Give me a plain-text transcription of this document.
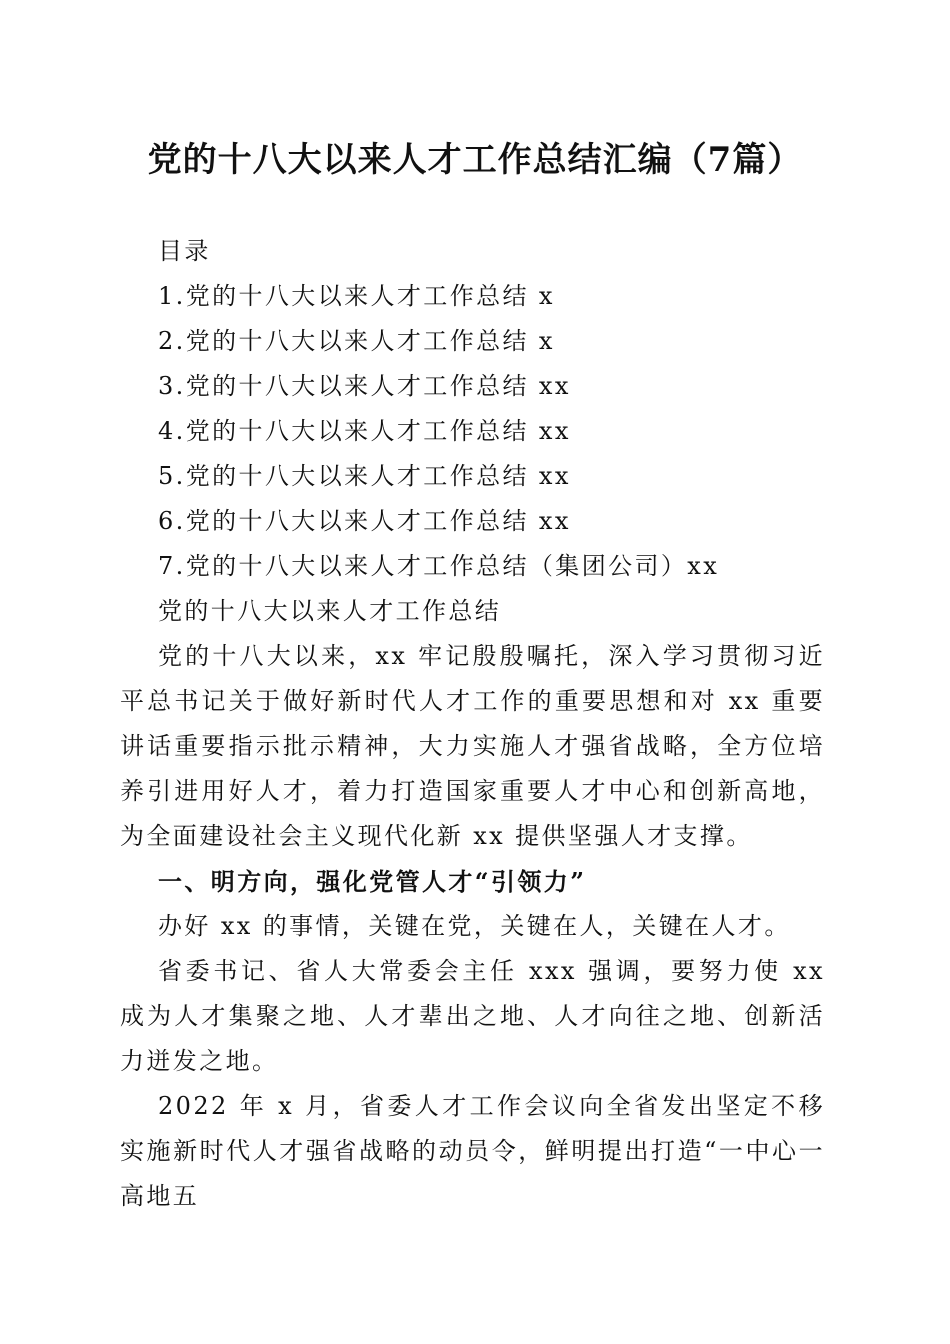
党的十八大以来人才工作总结汇编（7篇）

目录

1.党的十八大以来人才工作总结 x

2.党的十八大以来人才工作总结 x

3.党的十八大以来人才工作总结 xx

4.党的十八大以来人才工作总结 xx

5.党的十八大以来人才工作总结 xx

6.党的十八大以来人才工作总结 xx

7.党的十八大以来人才工作总结（集团公司）xx

党的十八大以来人才工作总结

党的十八大以来，xx 牢记殷殷嘱托，深入学习贯彻习近平总书记关于做好新时代人才工作的重要思想和对 xx 重要讲话重要指示批示精神，大力实施人才强省战略，全方位培养引进用好人才，着力打造国家重要人才中心和创新高地，为全面建设社会主义现代化新 xx 提供坚强人才支撑。

一、明方向，强化党管人才“引领力”

办好 xx 的事情，关键在党，关键在人，关键在人才。

省委书记、省人大常委会主任 xxx 强调，要努力使 xx 成为人才集聚之地、人才辈出之地、人才向往之地、创新活力迸发之地。

2022 年 x 月，省委人才工作会议向全省发出坚定不移实施新时代人才强省战略的动员令，鲜明提出打造“一中心一高地五
